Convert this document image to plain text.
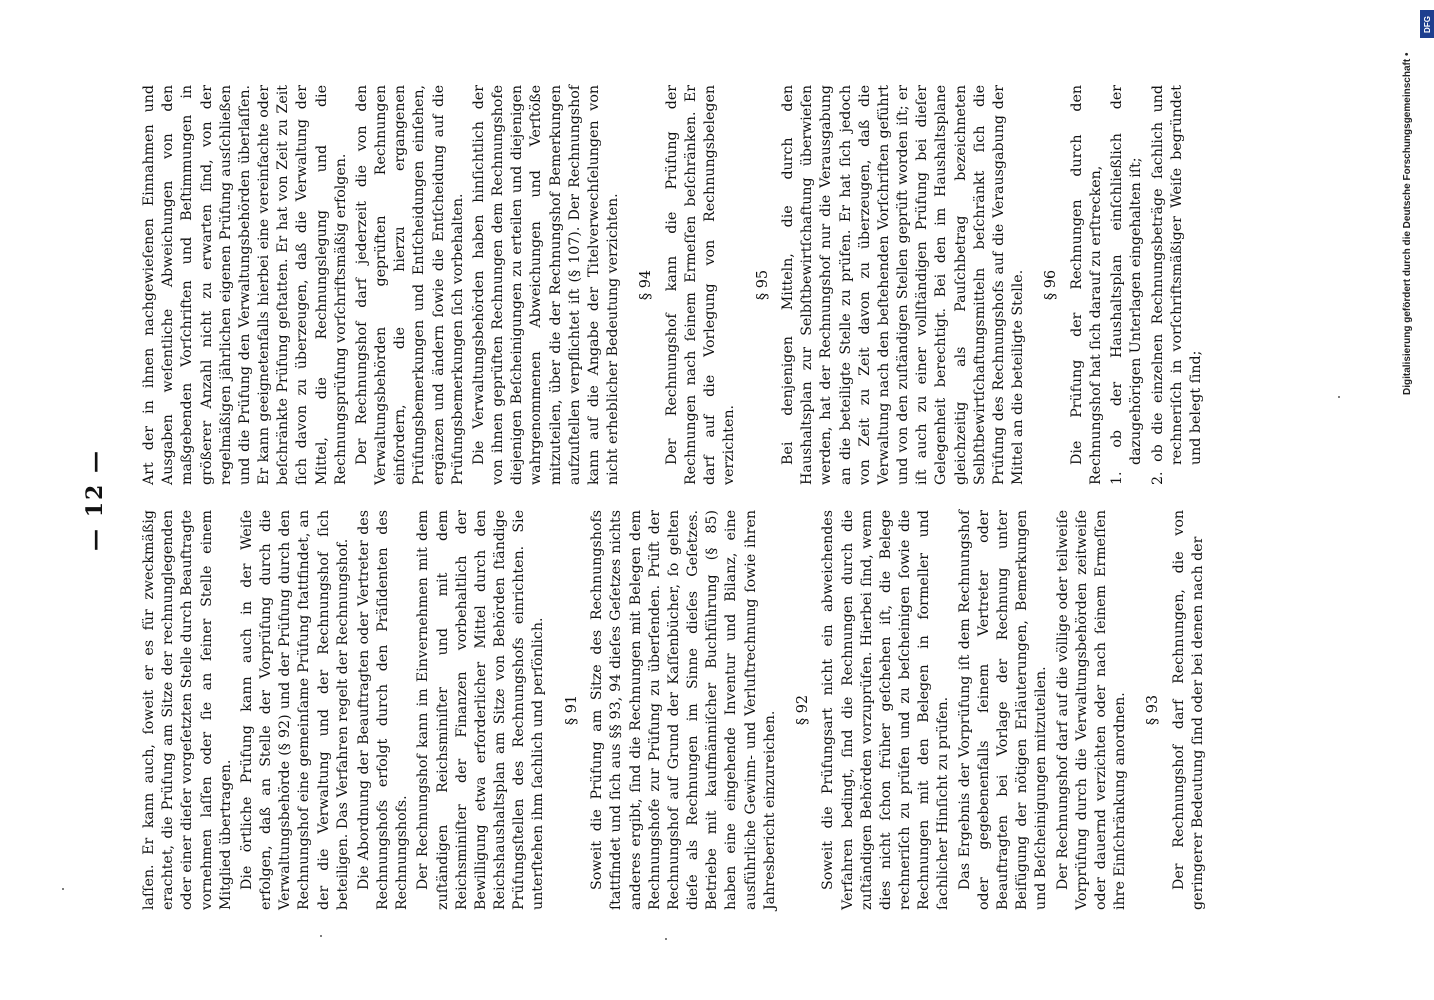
— 12 —

laſſen. Er kann auch, ſoweit er es für zweckmäßig erachtet, die Prüfung am Sitze der rechnunglegenden oder einer dieſer vorgeſetzten Stelle durch Beauftragte vornehmen laſſen oder ſie an ſeiner Stelle einem Mitglied übertragen. Die örtliche Prüfung kann auch in der Weiſe erfolgen, daß an Stelle der Vorprüfung durch die Verwaltungsbehörde (§ 92) und der Prüfung durch den Rechnungshof eine gemeinſame Prüfung ſtattfindet, an der die Verwaltung und der Rechnungshof ſich beteiligen. Das Verfahren regelt der Rechnungshof. Die Abordnung der Beauftragten oder Vertreter des Rechnungshofs erfolgt durch den Präſidenten des Rechnungshofs. Der Rechnungshof kann im Einvernehmen mit dem zuſtändigen Reichsminiſter und mit dem Reichsminiſter der Finanzen vorbehaltlich der Bewilligung etwa erforderlicher Mittel durch den Reichshaushaltsplan am Sitze von Behörden ſtändige Prüfungsſtellen des Rechnungshofs einrichten. Sie unterſtehen ihm ſachlich und perſönlich. § 91 Soweit die Prüfung am Sitze des Rechnungshofs ſtattfindet und ſich aus §§ 93, 94 dieſes Geſetzes nichts anderes ergibt, ſind die Rechnungen mit Belegen dem Rechnungshofe zur Prüfung zu überſenden. Prüft der Rechnungshof auf Grund der Kaſſenbücher, ſo gelten dieſe als Rechnungen im Sinne dieſes Geſetzes. Betriebe mit kaufmänniſcher Buchführung (§ 85) haben eine eingehende Inventur und Bilanz, eine ausführliche Gewinn- und Verluſtrechnung ſowie ihren Jahresbericht einzureichen.

§ 92 Soweit die Prüfungsart nicht ein abweichendes Verfahren bedingt, ſind die Rechnungen durch die zuſtändigen Behörden vorzuprüfen. Hierbei ſind, wenn dies nicht ſchon früher geſchehen iſt, die Belege rechneriſch zu prüfen und zu beſcheinigen ſowie die Rechnungen mit den Belegen in formeller und ſachlicher Hinſicht zu prüfen. Das Ergebnis der Vorprüfung iſt dem Rechnungshof oder gegebenenfalls ſeinem Vertreter oder Beauftragten bei Vorlage der Rechnung unter Beifügung der nötigen Erläuterungen, Bemerkungen und Beſcheinigungen mitzuteilen. Der Rechnungshof darf auf die völlige oder teilweiſe Vorprüfung durch die Verwaltungsbehörden zeitweiſe oder dauernd verzichten oder nach ſeinem Ermeſſen ihre Einſchränkung anordnen. § 93 Der Rechnungshof darf Rechnungen, die von geringerer Bedeutung ſind oder bei denen nach der

Art der in ihnen nachgewieſenen Einnahmen und Ausgaben weſentliche Abweichungen von den maßgebenden Vorſchriften und Beſtimmungen in größerer Anzahl nicht zu erwarten ſind, von der regelmäßigen jährlichen eigenen Prüfung ausſchließen und die Prüfung den Verwaltungsbehörden überlaſſen. Er kann geeignetenfalls hierbei eine vereinfachte oder beſchränkte Prüfung geſtatten. Er hat von Zeit zu Zeit ſich davon zu überzeugen, daß die Verwaltung der Mittel, die Rechnungslegung und die Rechnungsprüfung vorſchriftsmäßig erfolgen. Der Rechnungshof darf jederzeit die von den Verwaltungsbehörden geprüften Rechnungen einfordern, die hierzu ergangenen Prüfungsbemerkungen und Entſcheidungen einſehen, ergänzen und ändern ſowie die Entſcheidung auf die Prüfungsbemerkungen ſich vorbehalten. Die Verwaltungsbehörden haben hinſichtlich der von ihnen geprüften Rechnungen dem Rechnungshofe diejenigen Beſcheinigungen zu erteilen und diejenigen wahrgenommenen Abweichungen und Verſtöße mitzuteilen, über die der Rechnungshof Bemerkungen aufzuſtellen verpflichtet iſt (§ 107). Der Rechnungshof kann auf die Angabe der Titelverwechſelungen von nicht erheblicher Bedeutung verzichten. § 94 Der Rechnungshof kann die Prüfung der Rechnungen nach ſeinem Ermeſſen beſchränken. Er darf auf die Vorlegung von Rechnungsbelegen verzichten.

§ 95 Bei denjenigen Mitteln, die durch den Haushaltsplan zur Selbſtbewirtſchaftung überwieſen werden, hat der Rechnungshof nur die Verausgabung an die beteiligte Stelle zu prüfen. Er hat ſich jedoch von Zeit zu Zeit davon zu überzeugen, daß die Verwaltung nach den beſtehenden Vorſchriften geführt und von den zuſtändigen Stellen geprüft worden iſt; er iſt auch zu einer vollſtändigen Prüfung bei dieſer Gelegenheit berechtigt. Bei den im Haushaltsplane gleichzeitig als Pauſchbetrag bezeichneten Selbſtbewirtſchaftungsmitteln beſchränkt ſich die Prüfung des Rechnungshofs auf die Verausgabung der Mittel an die beteiligte Stelle. § 96 Die Prüfung der Rechnungen durch den Rechnungshof hat ſich darauf zu erſtrecken, 1. ob der Haushaltsplan einſchließlich der dazugehörigen Unterlagen eingehalten iſt; 2. ob die einzelnen Rechnungsbeträge ſachlich und rechneriſch in vorſchriftsmäßiger Weiſe begründet und belegt ſind;

Digitalisierung gefördert durch die Deutsche Forschungsgemeinschaft •
DFG
